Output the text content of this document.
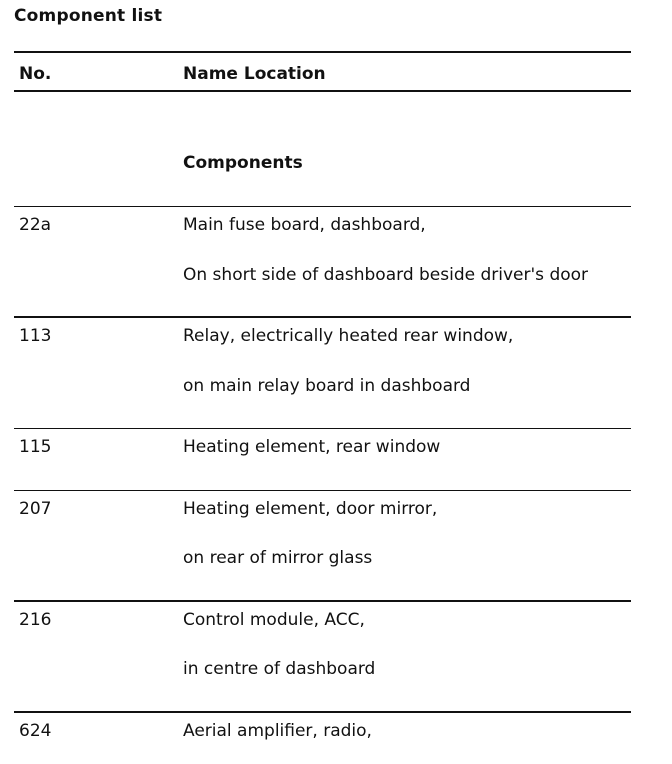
Component list
No.	Name Location
Components
22a	Main fuse board, dashboard,
On short side of dashboard beside driver's door
113	Relay, electrically heated rear window,
on main relay board in dashboard
115	Heating element, rear window
207	Heating element, door mirror,
on rear of mirror glass
216	Control module, ACC,
in centre of dashboard
624	Aerial amplifier, radio,
